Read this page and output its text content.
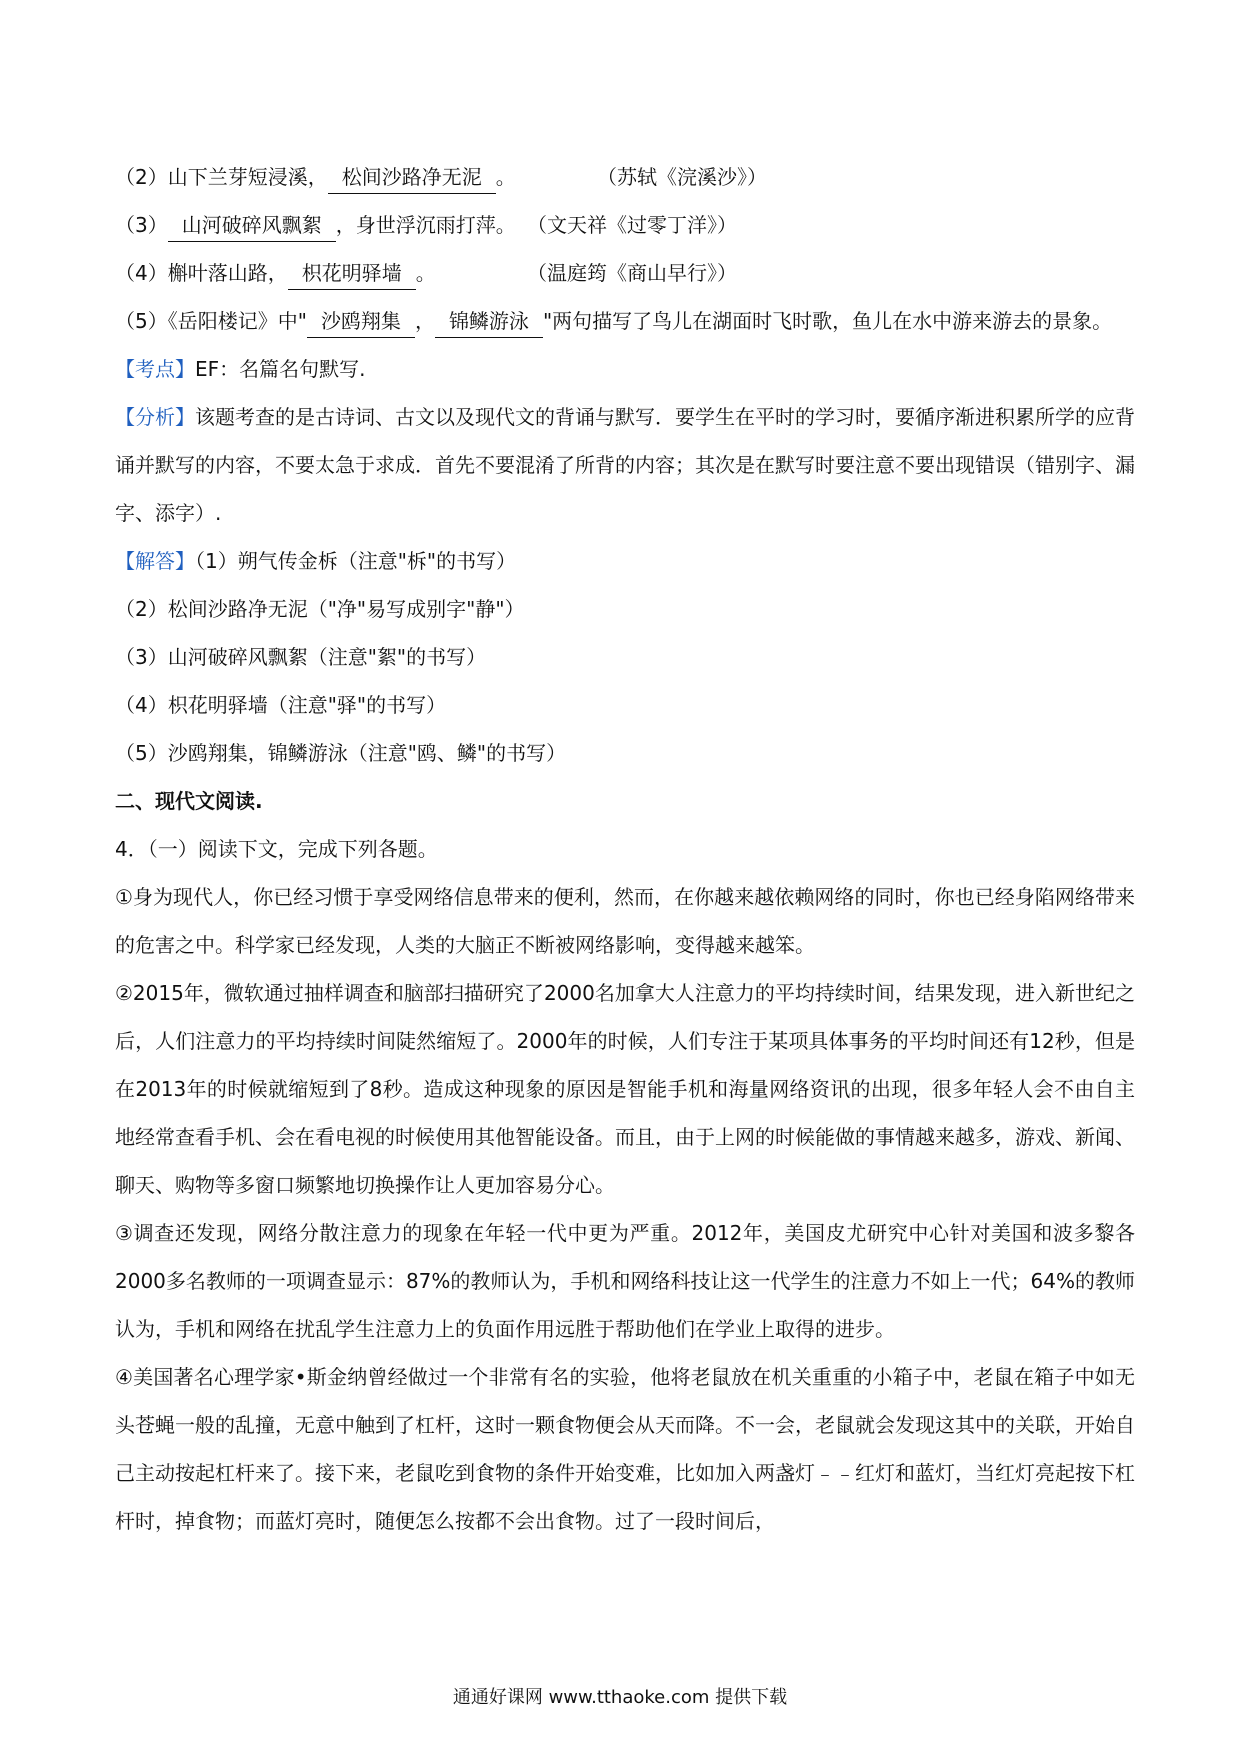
（2）山下兰芽短浸溪， 松间沙路净无泥 。	（苏轼《浣溪沙》）
（3） 山河破碎风飘絮 ，身世浮沉雨打萍。 （文天祥《过零丁洋》）
（4）槲叶落山路， 枳花明驿墙 。	（温庭筠《商山早行》）

（5）《岳阳楼记》中" 沙鸥翔集 ， 锦鳞游泳 "两句描写了鸟儿在湖面时飞时歌，鱼儿在水中游来游去的景象。

【考点】EF：名篇名句默写.

【分析】该题考查的是古诗词、古文以及现代文的背诵与默写．要学生在平时的学习时，要循序渐进积累所学的应背诵并默写的内容，不要太急于求成．首先不要混淆了所背的内容；其次是在默写时要注意不要出现错误（错别字、漏字、添字）.

【解答】（1）朔气传金柝（注意"柝"的书写）
（2）松间沙路净无泥（"净"易写成别字"静"）
（3）山河破碎风飘絮（注意"絮"的书写）
（4）枳花明驿墙（注意"驿"的书写）
（5）沙鸥翔集，锦鳞游泳（注意"鸥、鳞"的书写）
二、现代文阅读.
4．（一）阅读下文，完成下列各题。

①身为现代人，你已经习惯于享受网络信息带来的便利，然而，在你越来越依赖网络的同时，你也已经身陷网络带来的危害之中。科学家已经发现，人类的大脑正不断被网络影响，变得越来越笨。

②2015年，微软通过抽样调查和脑部扫描研究了2000名加拿大人注意力的平均持续时间，结果发现，进入新世纪之后，人们注意力的平均持续时间陡然缩短了。2000年的时候，人们专注于某项具体事务的平均时间还有12秒，但是在2013年的时候就缩短到了8秒。造成这种现象的原因是智能手机和海量网络资讯的出现，很多年轻人会不由自主地经常查看手机、会在看电视的时候使用其他智能设备。而且，由于上网的时候能做的事情越来越多，游戏、新闻、聊天、购物等多窗口频繁地切换操作让人更加容易分心。

③调查还发现，网络分散注意力的现象在年轻一代中更为严重。2012年，美国皮尤研究中心针对美国和波多黎各2000多名教师的一项调查显示：87%的教师认为，手机和网络科技让这一代学生的注意力不如上一代；64%的教师认为，手机和网络在扰乱学生注意力上的负面作用远胜于帮助他们在学业上取得的进步。

④美国著名心理学家•斯金纳曾经做过一个非常有名的实验，他将老鼠放在机关重重的小箱子中，老鼠在箱子中如无头苍蝇一般的乱撞，无意中触到了杠杆，这时一颗食物便会从天而降。不一会，老鼠就会发现这其中的关联，开始自己主动按起杠杆来了。接下来，老鼠吃到食物的条件开始变难，比如加入两盏灯﹣﹣红灯和蓝灯，当红灯亮起按下杠杆时，掉食物；而蓝灯亮时，随便怎么按都不会出食物。过了一段时间后，

通通好课网 www.tthaoke.com 提供下载
